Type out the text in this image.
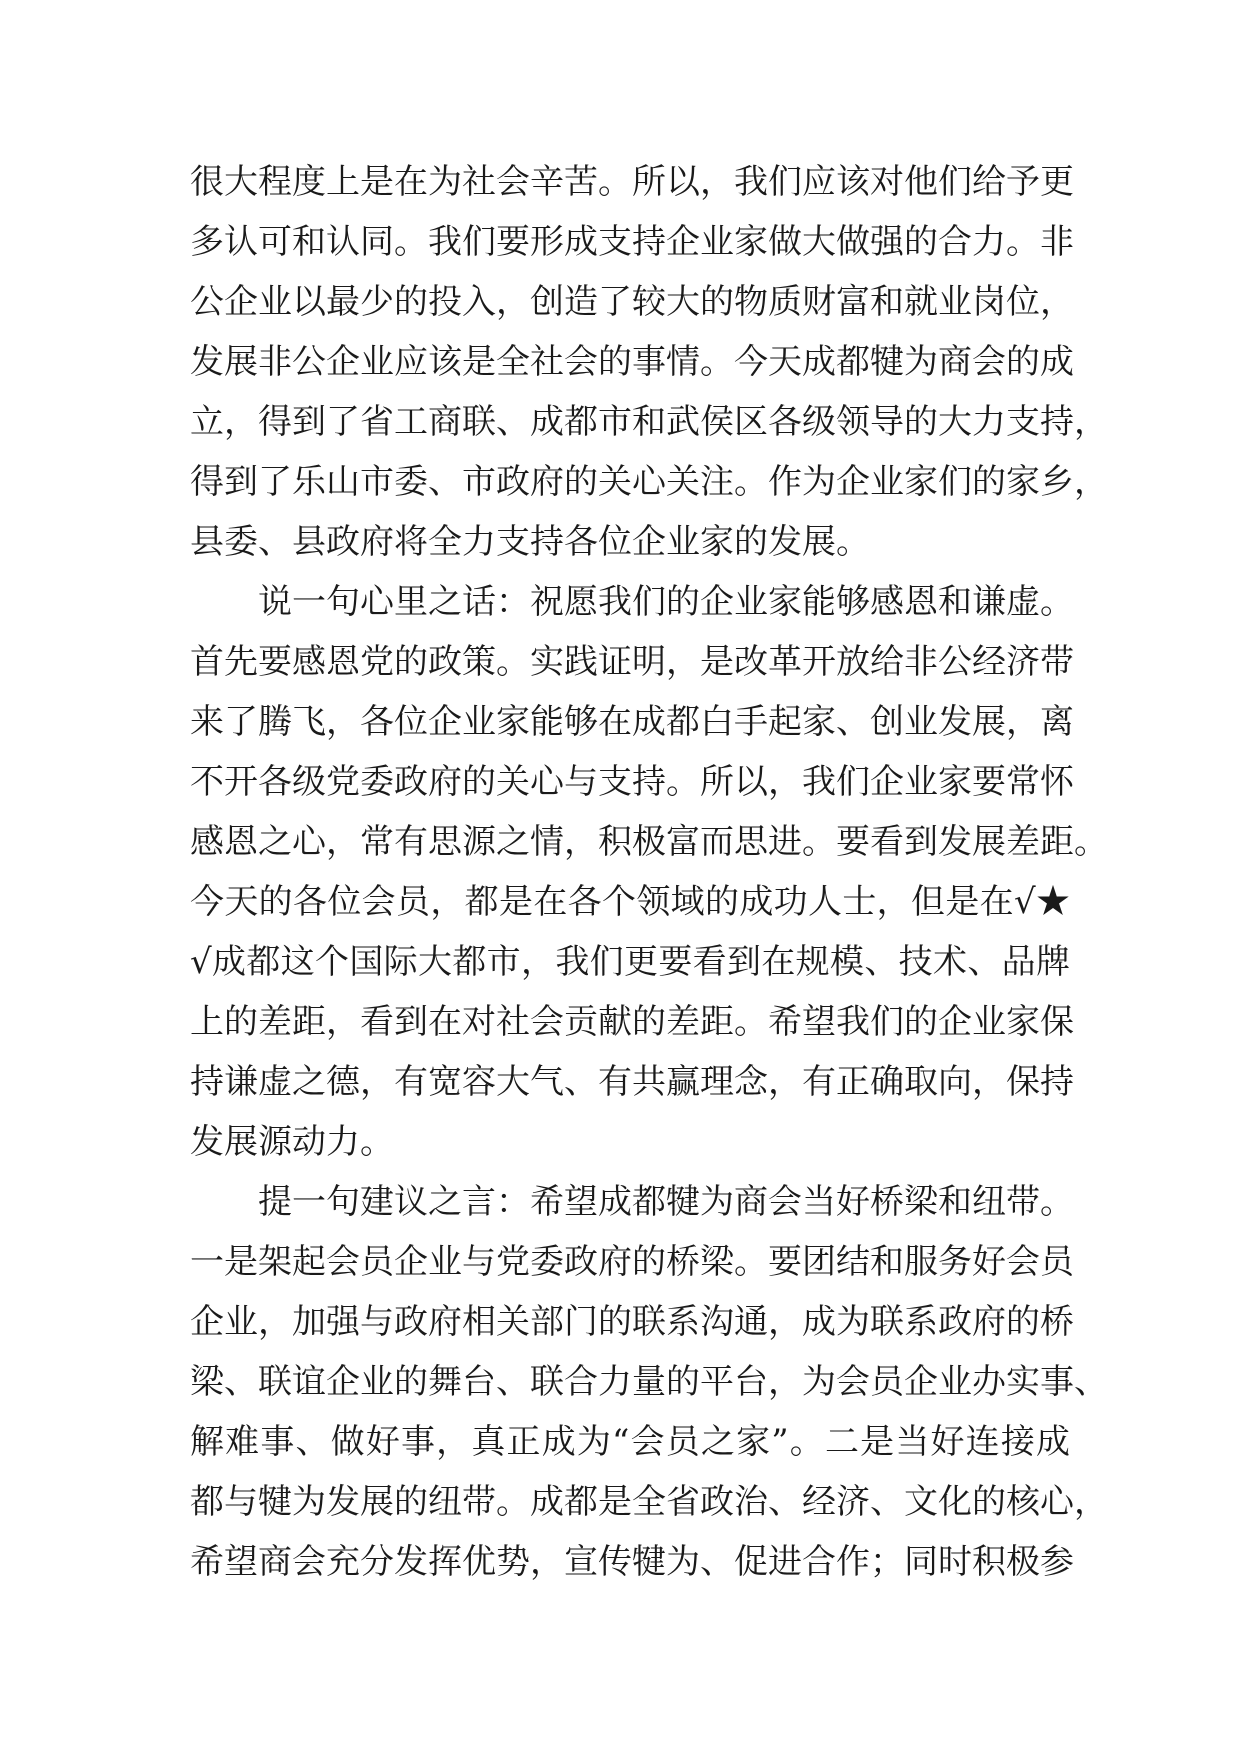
很大程度上是在为社会辛苦。所以，我们应该对他们给予更
多认可和认同。我们要形成支持企业家做大做强的合力。非
公企业以最少的投入，创造了较大的物质财富和就业岗位，
发展非公企业应该是全社会的事情。今天成都犍为商会的成
立，得到了省工商联、成都市和武侯区各级领导的大力支持，
得到了乐山市委、市政府的关心关注。作为企业家们的家乡，
县委、县政府将全力支持各位企业家的发展。
说一句心里之话：祝愿我们的企业家能够感恩和谦虚。
首先要感恩党的政策。实践证明，是改革开放给非公经济带
来了腾飞，各位企业家能够在成都白手起家、创业发展，离
不开各级党委政府的关心与支持。所以，我们企业家要常怀
感恩之心，常有思源之情，积极富而思进。要看到发展差距。
今天的各位会员，都是在各个领域的成功人士，但是在√★
√成都这个国际大都市，我们更要看到在规模、技术、品牌
上的差距，看到在对社会贡献的差距。希望我们的企业家保
持谦虚之德，有宽容大气、有共赢理念，有正确取向，保持
发展源动力。
提一句建议之言：希望成都犍为商会当好桥梁和纽带。
一是架起会员企业与党委政府的桥梁。要团结和服务好会员
企业，加强与政府相关部门的联系沟通，成为联系政府的桥
梁、联谊企业的舞台、联合力量的平台，为会员企业办实事、
解难事、做好事，真正成为“会员之家”。二是当好连接成
都与犍为发展的纽带。成都是全省政治、经济、文化的核心，
希望商会充分发挥优势，宣传犍为、促进合作；同时积极参
